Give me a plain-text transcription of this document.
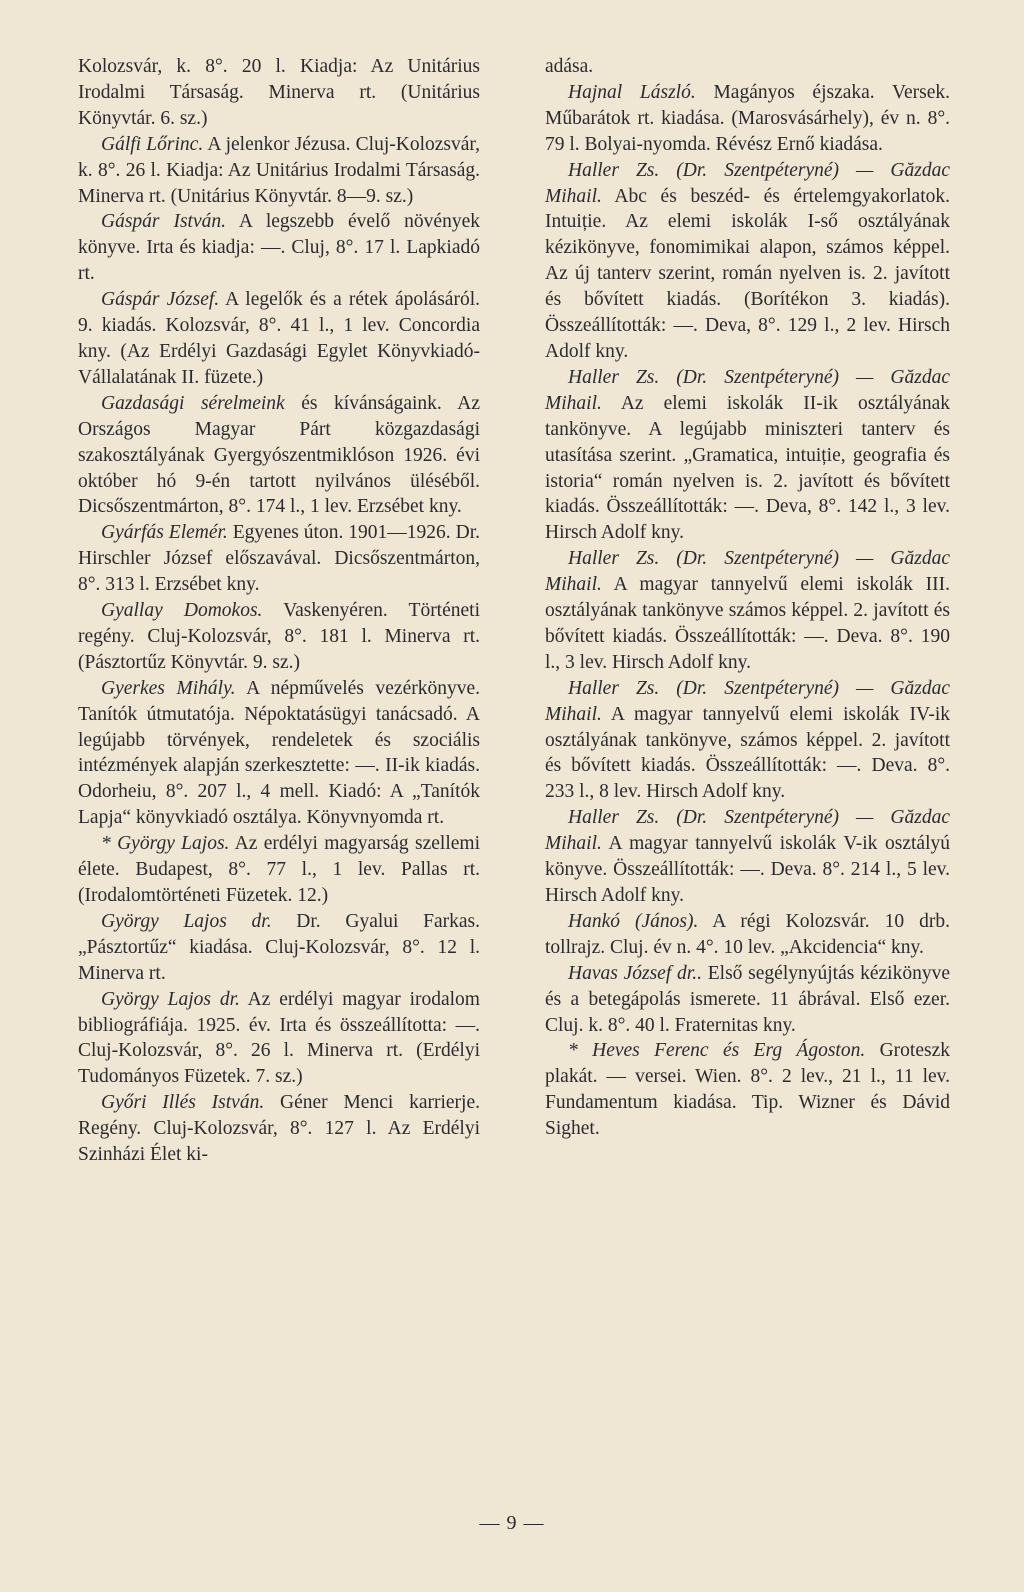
Kolozsvár, k. 8°. 20 l. Kiadja: Az Unitárius Irodalmi Társaság. Minerva rt. (Unitárius Könyvtár. 6. sz.)

Gálfi Lőrinc. A jelenkor Jézusa. Cluj-Kolozsvár, k. 8°. 26 l. Kiadja: Az Unitárius Irodalmi Társaság. Minerva rt. (Unitárius Könyvtár. 8—9. sz.)

Gáspár István. A legszebb évelő növények könyve. Irta és kiadja: —. Cluj, 8°. 17 l. Lapkiadó rt.

Gáspár József. A legelők és a rétek ápolásáról. 9. kiadás. Kolozsvár, 8°. 41 l., 1 lev. Concordia kny. (Az Erdélyi Gazdasági Egylet Könyvkiadó-Vállalatának II. füzete.)

Gazdasági sérelmeink és kívánságaink. Az Országos Magyar Párt közgazdasági szakosztályának Gyergyószentmiklóson 1926. évi október hó 9-én tartott nyilvános üléséből. Dicsőszentmárton, 8°. 174 l., 1 lev. Erzsébet kny.

Gyárfás Elemér. Egyenes úton. 1901—1926. Dr. Hirschler József előszavával. Dicsőszentmárton, 8°. 313 l. Erzsébet kny.

Gyallay Domokos. Vaskenyéren. Történeti regény. Cluj-Kolozsvár, 8°. 181 l. Minerva rt. (Pásztortűz Könyvtár. 9. sz.)

Gyerkes Mihály. A népművelés vezérkönyve. Tanítók útmutatója. Népoktatásügyi tanácsadó. A legújabb törvények, rendeletek és szociális intézmények alapján szerkesztette: —. II-ik kiadás. Odorheiu, 8°. 207 l., 4 mell. Kiadó: A „Tanítók Lapja“ könyvkiadó osztálya. Könyvnyomda rt.

* György Lajos. Az erdélyi magyarság szellemi élete. Budapest, 8°. 77 l., 1 lev. Pallas rt. (Irodalomtörténeti Füzetek. 12.)

György Lajos dr. Dr. Gyalui Farkas. „Pásztortűz“ kiadása. Cluj-Kolozsvár, 8°. 12 l. Minerva rt.

György Lajos dr. Az erdélyi magyar irodalom bibliográfiája. 1925. év. Irta és összeállította: —. Cluj-Kolozsvár, 8°. 26 l. Minerva rt. (Erdélyi Tudományos Füzetek. 7. sz.)

Győri Illés István. Géner Menci karrierje. Regény. Cluj-Kolozsvár, 8°. 127 l. Az Erdélyi Szinházi Élet ki-

adása.

Hajnal László. Magányos éjszaka. Versek. Műbarátok rt. kiadása. (Marosvásárhely), év n. 8°. 79 l. Bolyai-nyomda. Révész Ernő kiadása.

Haller Zs. (Dr. Szentpéteryné) — Găzdac Mihail. Abc és beszéd- és értelemgyakorlatok. Intuiție. Az elemi iskolák I-ső osztályának kézikönyve, fonomimikai alapon, számos képpel. Az új tanterv szerint, román nyelven is. 2. javított és bővített kiadás. (Borítékon 3. kiadás). Összeállították: —. Deva, 8°. 129 l., 2 lev. Hirsch Adolf kny.

Haller Zs. (Dr. Szentpéteryné) — Găzdac Mihail. Az elemi iskolák II-ik osztályának tankönyve. A legújabb miniszteri tanterv és utasítása szerint. „Gramatica, intuiție, geografia és istoria“ román nyelven is. 2. javított és bővített kiadás. Összeállították: —. Deva, 8°. 142 l., 3 lev. Hirsch Adolf kny.

Haller Zs. (Dr. Szentpéteryné) — Găzdac Mihail. A magyar tannyelvű elemi iskolák III. osztályának tankönyve számos képpel. 2. javított és bővített kiadás. Összeállították: —. Deva. 8°. 190 l., 3 lev. Hirsch Adolf kny.

Haller Zs. (Dr. Szentpéteryné) — Găzdac Mihail. A magyar tannyelvű elemi iskolák IV-ik osztályának tankönyve, számos képpel. 2. javított és bővített kiadás. Összeállították: —. Deva. 8°. 233 l., 8 lev. Hirsch Adolf kny.

Haller Zs. (Dr. Szentpéteryné) — Găzdac Mihail. A magyar tannyelvű iskolák V-ik osztályú könyve. Összeállították: —. Deva. 8°. 214 l., 5 lev. Hirsch Adolf kny.

Hankó (János). A régi Kolozsvár. 10 drb. tollrajz. Cluj. év n. 4°. 10 lev. „Akcidencia“ kny.

Havas József dr.. Első segélynyújtás kézikönyve és a betegápolás ismerete. 11 ábrával. Első ezer. Cluj. k. 8°. 40 l. Fraternitas kny.

* Heves Ferenc és Erg Ágoston. Groteszk plakát. — versei. Wien. 8°. 2 lev., 21 l., 11 lev. Fundamentum kiadása. Tip. Wizner és Dávid Sighet.

— 9 —
